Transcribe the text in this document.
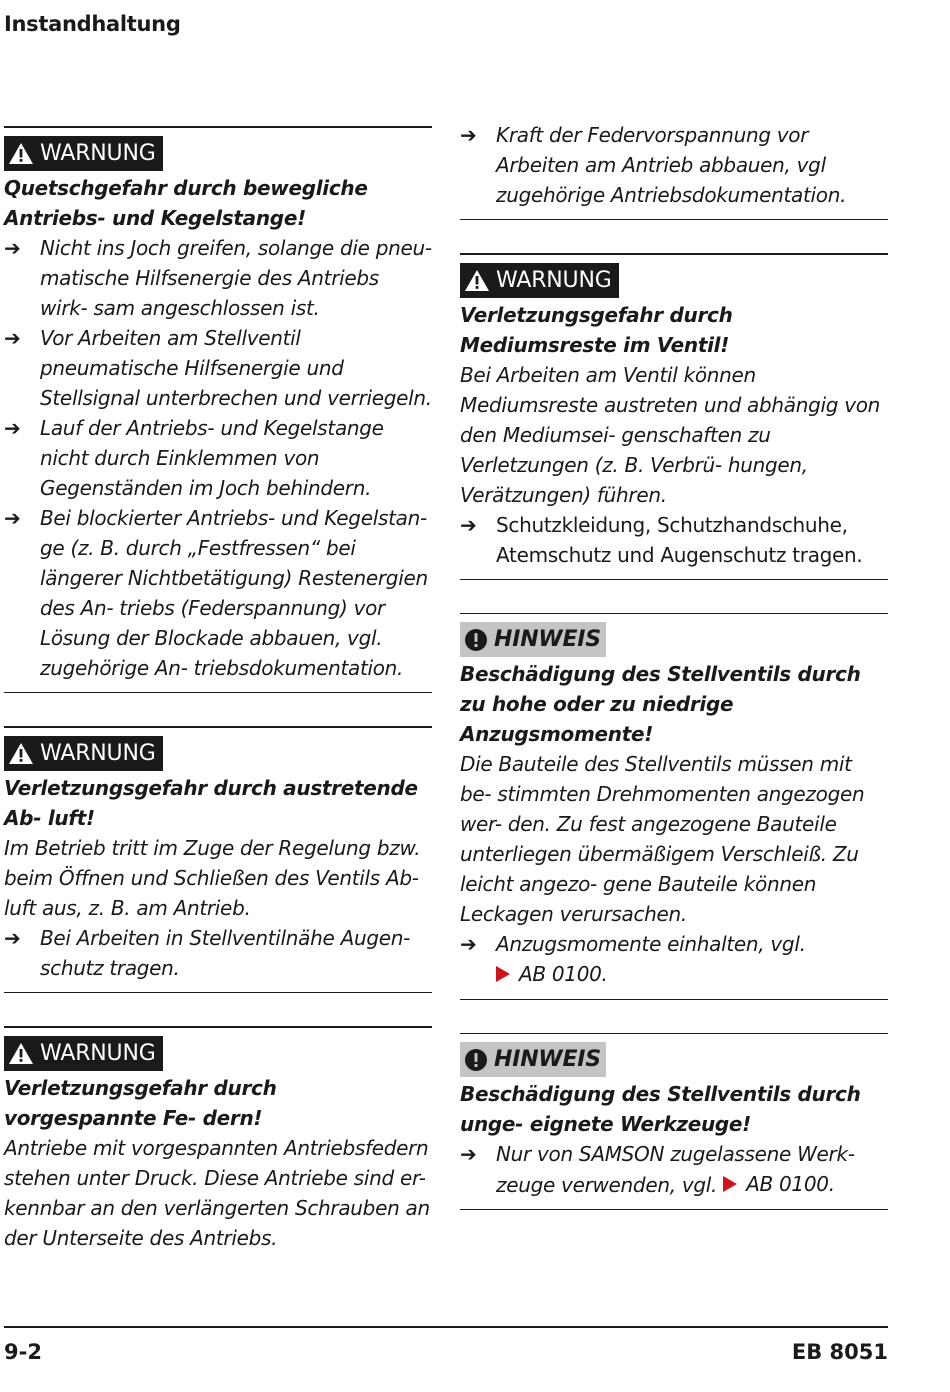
Instandhaltung
WARNUNG
Quetschgefahr durch bewegliche Antriebs- und Kegelstange!
➔ Nicht ins Joch greifen, solange die pneu- matische Hilfsenergie des Antriebs wirk- sam angeschlossen ist.
➔ Vor Arbeiten am Stellventil pneumatische Hilfsenergie und Stellsignal unterbrechen und verriegeln.
➔ Lauf der Antriebs- und Kegelstange nicht durch Einklemmen von Gegenständen im Joch behindern.
➔ Bei blockierter Antriebs- und Kegelstan- ge (z. B. durch „Festfressen“ bei längerer Nichtbetätigung) Restenergien des An- triebs (Federspannung) vor Lösung der Blockade abbauen, vgl. zugehörige An- triebsdokumentation.
WARNUNG
Verletzungsgefahr durch austretende Ab- luft!
Im Betrieb tritt im Zuge der Regelung bzw. beim Öffnen und Schließen des Ventils Ab- luft aus, z. B. am Antrieb.
➔ Bei Arbeiten in Stellventilnähe Augen- schutz tragen.
WARNUNG
Verletzungsgefahr durch vorgespannte Fe- dern!
Antriebe mit vorgespannten Antriebsfedern stehen unter Druck. Diese Antriebe sind er- kennbar an den verlängerten Schrauben an der Unterseite des Antriebs.
➔ Kraft der Federvorspannung vor Arbeiten am Antrieb abbauen, vgl zugehörige Antriebsdokumentation.
WARNUNG
Verletzungsgefahr durch Mediumsreste im Ventil!
Bei Arbeiten am Ventil können Mediumsreste austreten und abhängig von den Mediumsei- genschaften zu Verletzungen (z. B. Verbrü- hungen, Verätzungen) führen.
➔ Schutzkleidung, Schutzhandschuhe, Atemschutz und Augenschutz tragen.
HINWEIS
Beschädigung des Stellventils durch zu hohe oder zu niedrige Anzugsmomente!
Die Bauteile des Stellventils müssen mit be- stimmten Drehmomenten angezogen wer- den. Zu fest angezogene Bauteile unterliegen übermäßigem Verschleiß. Zu leicht angezo- gene Bauteile können Leckagen verursachen.
➔ Anzugsmomente einhalten, vgl.

AB 0100.
HINWEIS
Beschädigung des Stellventils durch unge- eignete Werkzeuge!
➔ Nur von SAMSON zugelassene Werk- zeuge verwenden, vgl. AB 0100.
9-2	EB 8051
